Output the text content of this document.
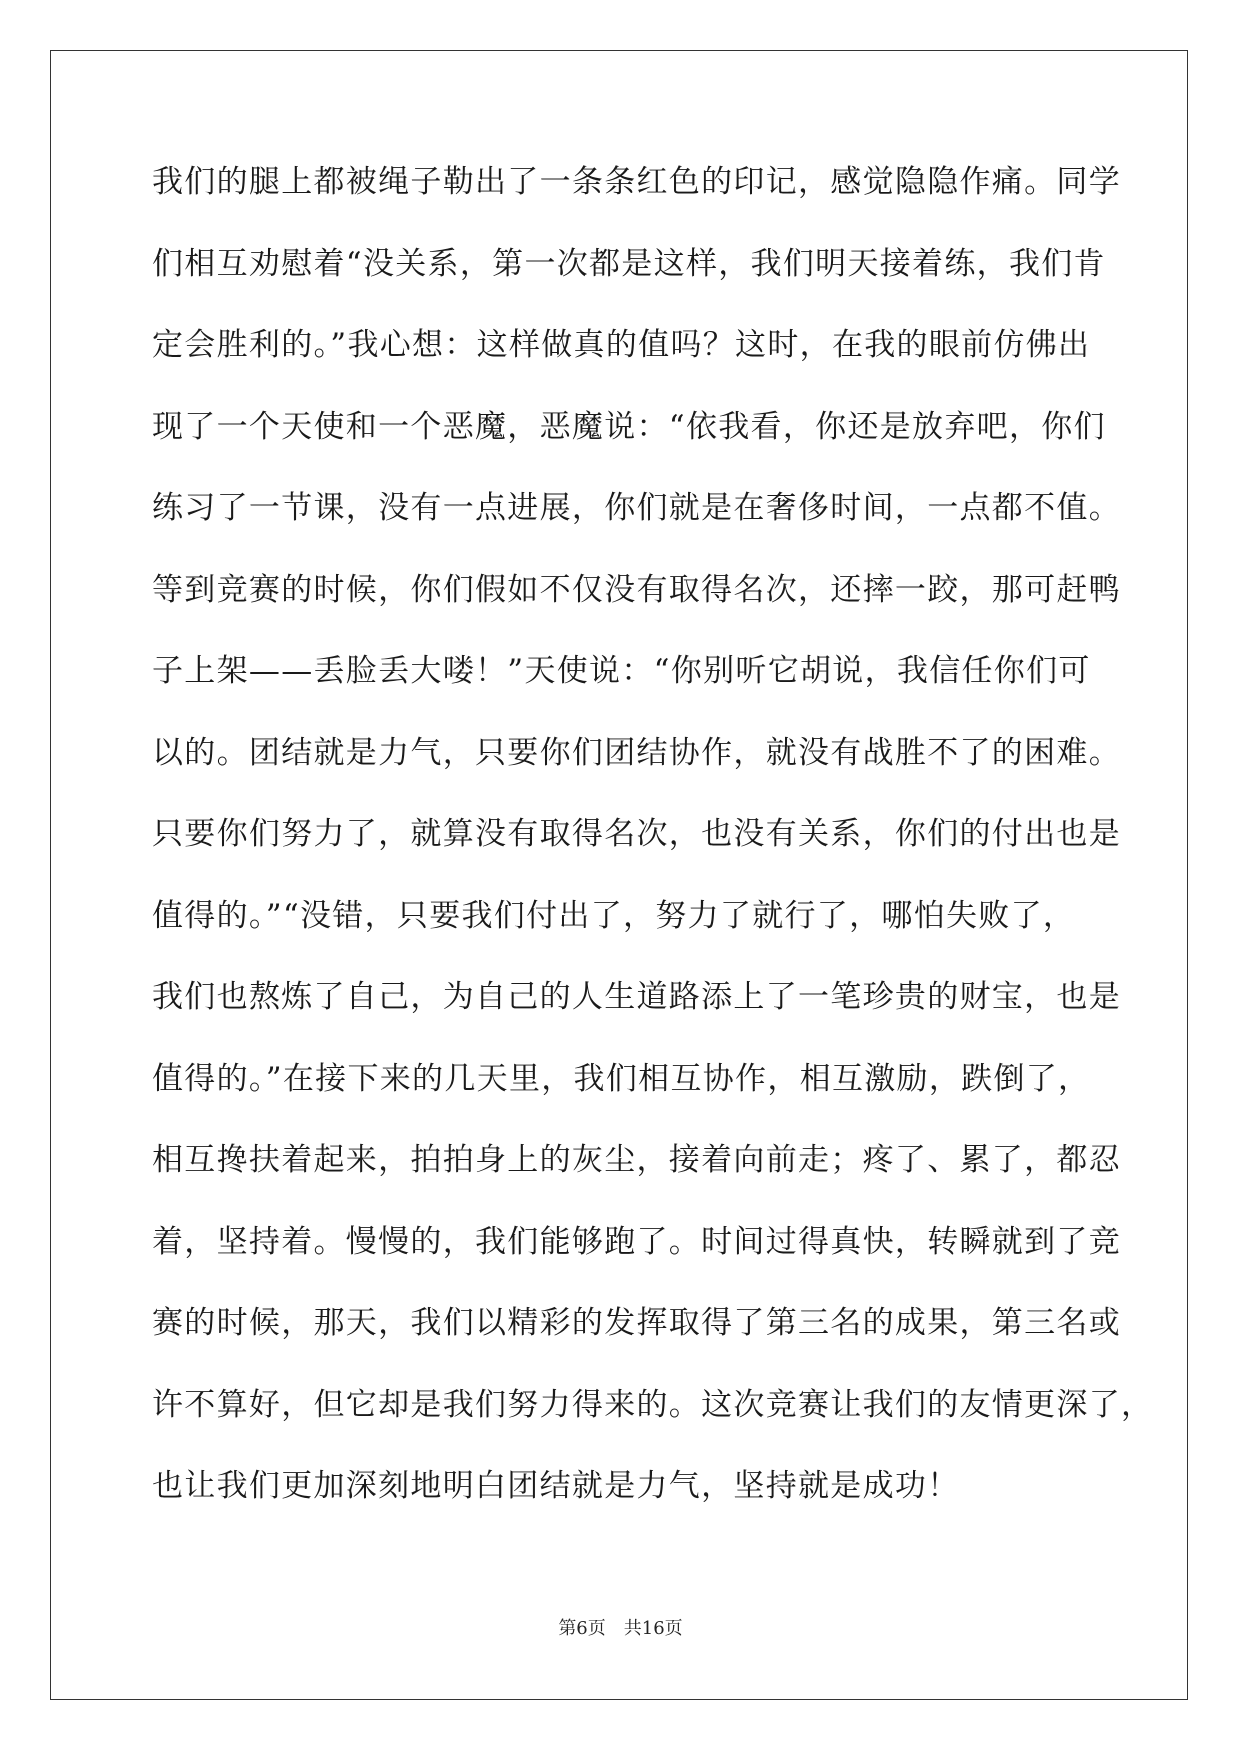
我们的腿上都被绳子勒出了一条条红色的印记，感觉隐隐作痛。同学
们相互劝慰着“没关系，第一次都是这样，我们明天接着练，我们肯
定会胜利的。”我心想：这样做真的值吗？这时，在我的眼前仿佛出
现了一个天使和一个恶魔，恶魔说：“依我看，你还是放弃吧，你们
练习了一节课，没有一点进展，你们就是在奢侈时间，一点都不值。
等到竞赛的时候，你们假如不仅没有取得名次，还摔一跤，那可赶鸭
子上架——丢脸丢大喽！”天使说：“你别听它胡说，我信任你们可
以的。团结就是力气，只要你们团结协作，就没有战胜不了的困难。
只要你们努力了，就算没有取得名次，也没有关系，你们的付出也是
值得的。”“没错，只要我们付出了，努力了就行了，哪怕失败了，
我们也熬炼了自己，为自己的人生道路添上了一笔珍贵的财宝，也是
值得的。”在接下来的几天里，我们相互协作，相互激励，跌倒了，
相互搀扶着起来，拍拍身上的灰尘，接着向前走；疼了、累了，都忍
着，坚持着。慢慢的，我们能够跑了。时间过得真快，转瞬就到了竞
赛的时候，那天，我们以精彩的发挥取得了第三名的成果，第三名或
许不算好，但它却是我们努力得来的。这次竞赛让我们的友情更深了，
也让我们更加深刻地明白团结就是力气，坚持就是成功！
第6页 共16页
